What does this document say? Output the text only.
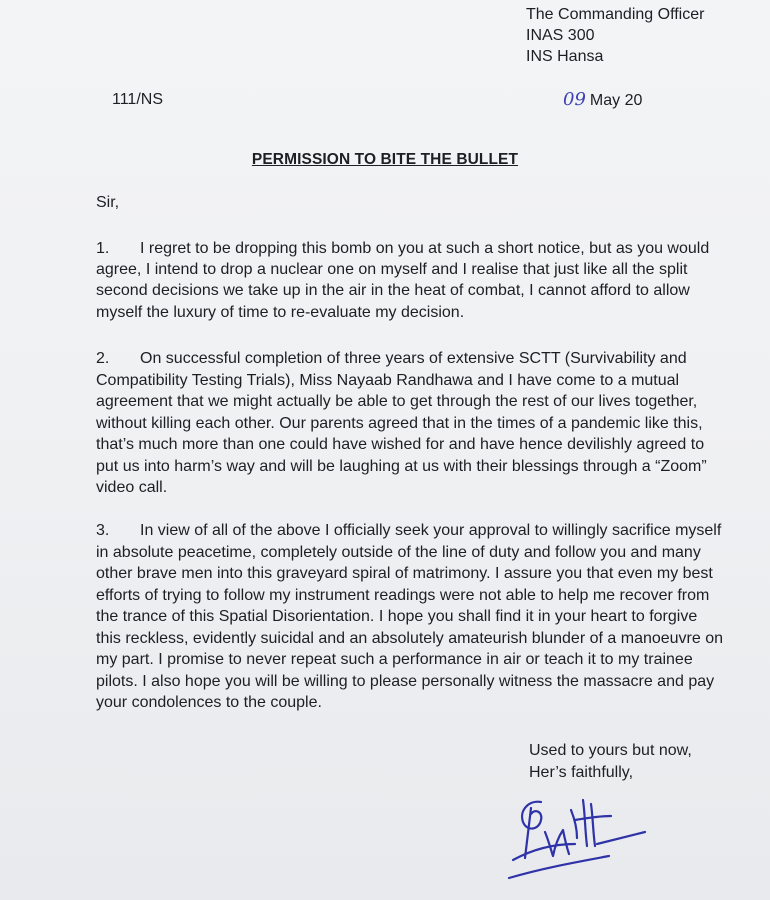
The Commanding Officer
INAS 300
INS Hansa
111/NS	09 May 20
PERMISSION TO BITE THE BULLET
Sir,

1. I regret to be dropping this bomb on you at such a short notice, but as you would agree, I intend to drop a nuclear one on myself and I realise that just like all the split second decisions we take up in the air in the heat of combat, I cannot afford to allow myself the luxury of time to re-evaluate my decision.

2. On successful completion of three years of extensive SCTT (Survivability and Compatibility Testing Trials), Miss Nayaab Randhawa and I have come to a mutual agreement that we might actually be able to get through the rest of our lives together, without killing each other. Our parents agreed that in the times of a pandemic like this, that’s much more than one could have wished for and have hence devilishly agreed to put us into harm’s way and will be laughing at us with their blessings through a “Zoom” video call.

3. In view of all of the above I officially seek your approval to willingly sacrifice myself in absolute peacetime, completely outside of the line of duty and follow you and many other brave men into this graveyard spiral of matrimony. I assure you that even my best efforts of trying to follow my instrument readings were not able to help me recover from the trance of this Spatial Disorientation. I hope you shall find it in your heart to forgive this reckless, evidently suicidal and an absolutely amateurish blunder of a manoeuvre on my part. I promise to never repeat such a performance in air or teach it to my trainee pilots. I also hope you will be willing to please personally witness the massacre and pay your condolences to the couple.

Used to yours but now,
Her’s faithfully,
